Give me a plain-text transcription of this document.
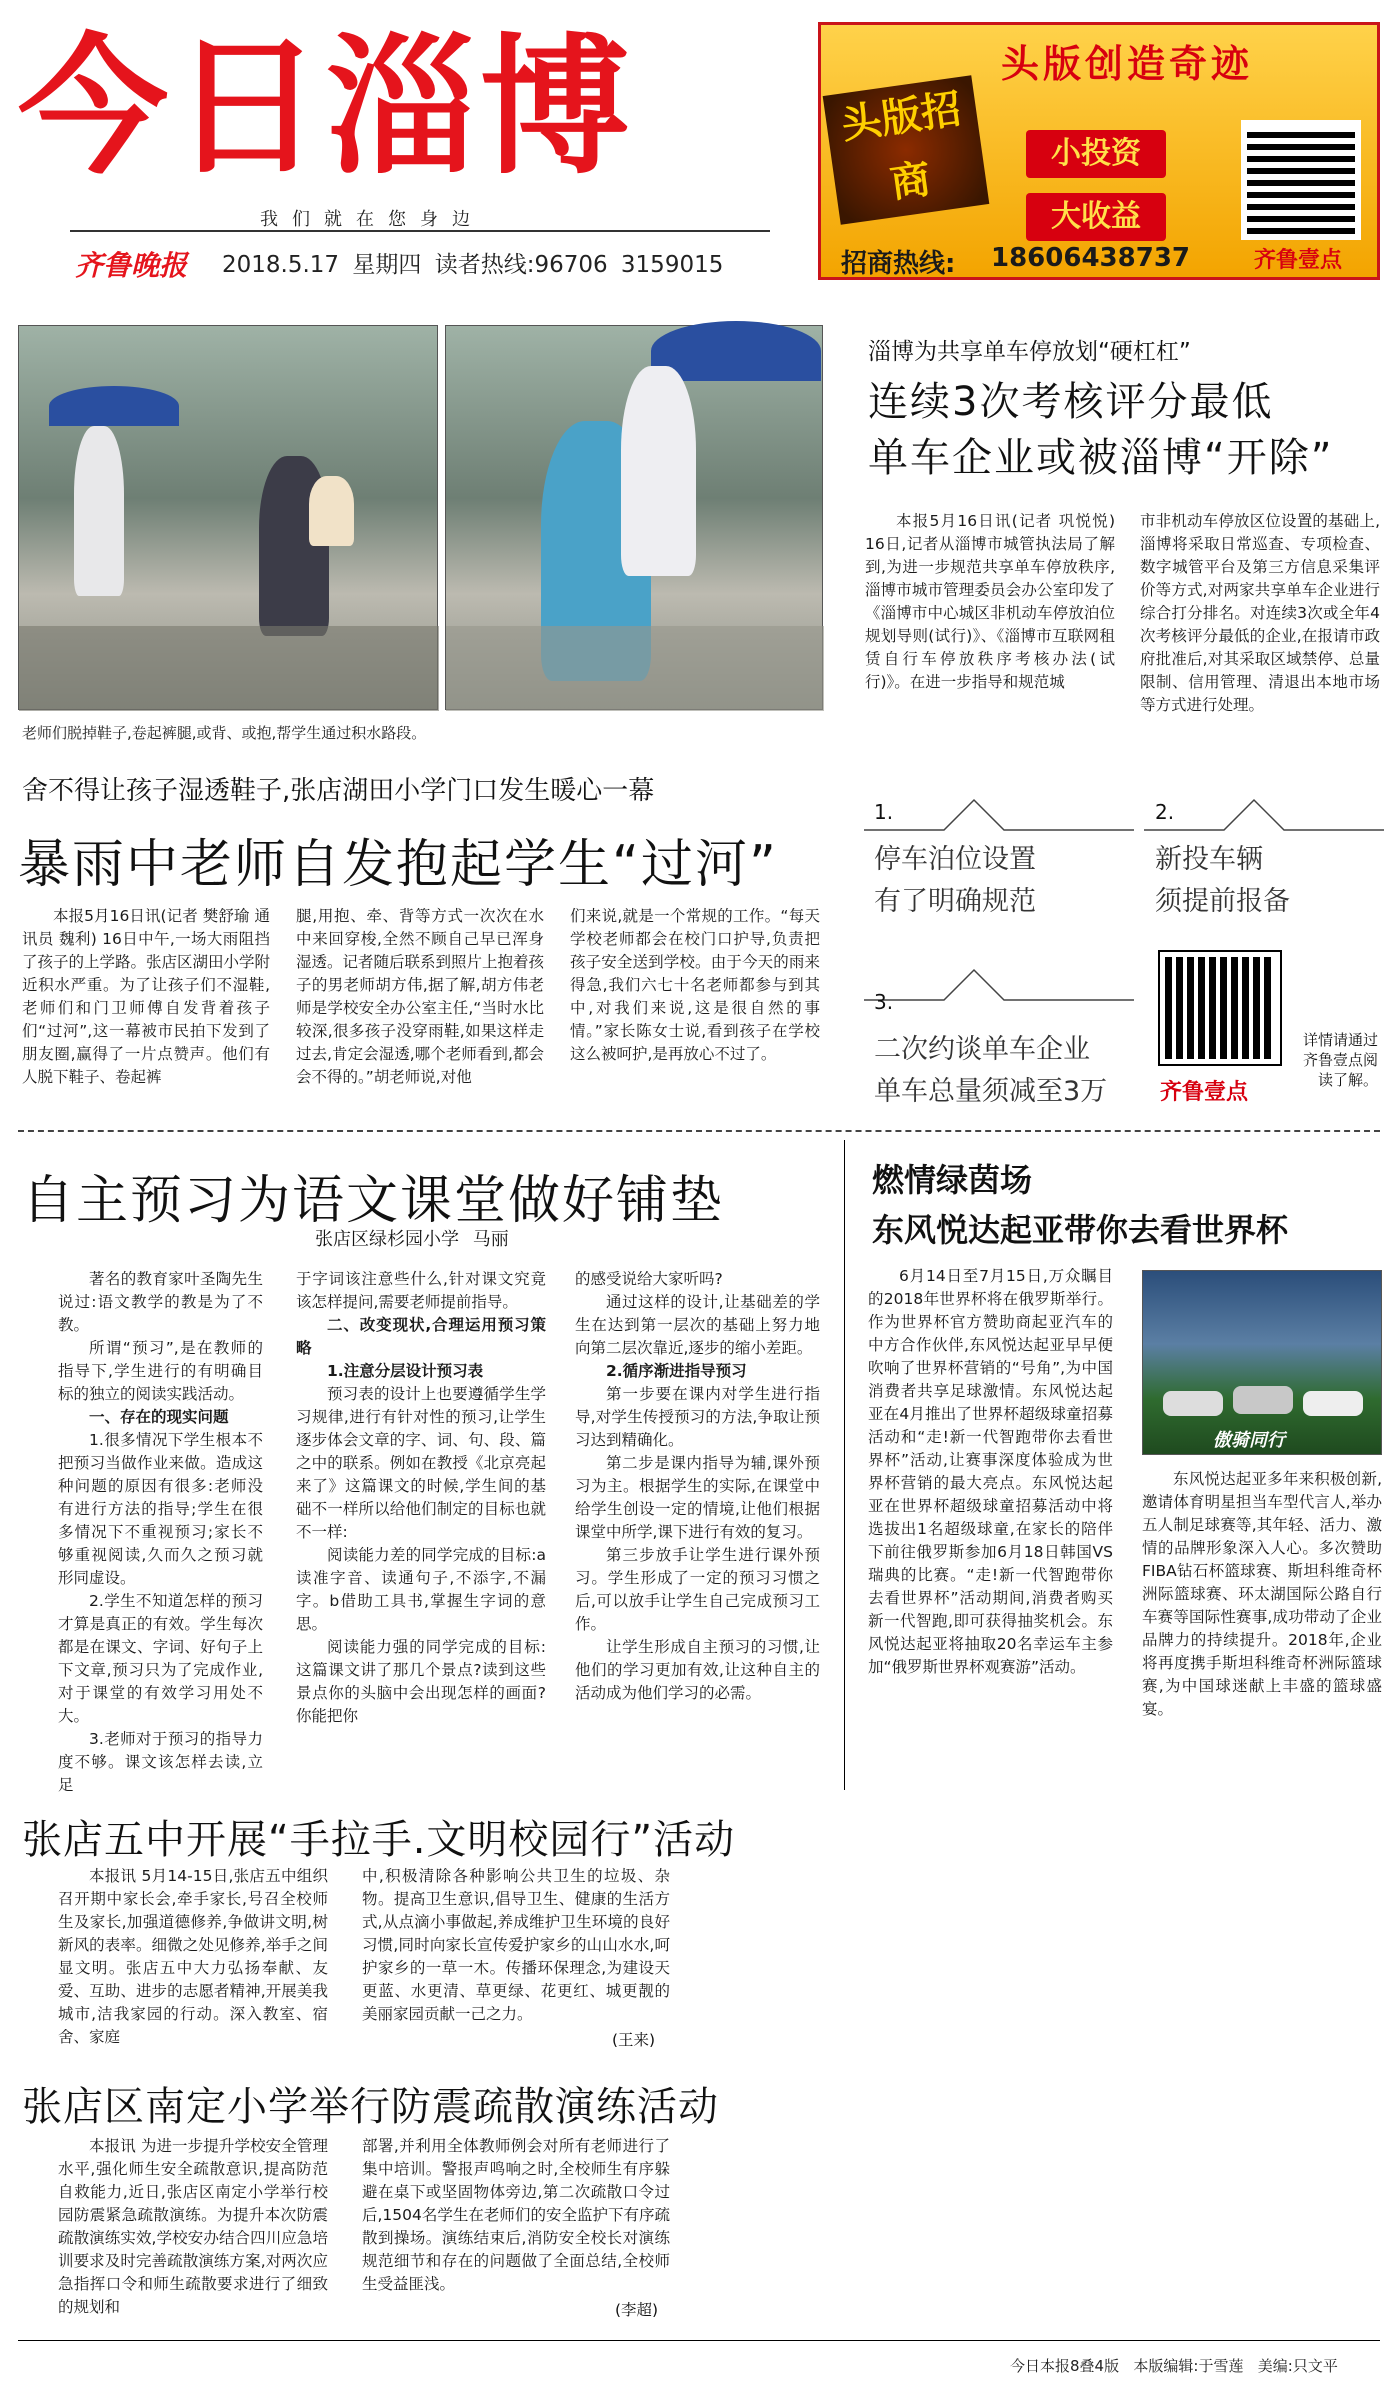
今日淄博
我们就在您身边
齐鲁晚报 2018.5.17 星期四 读者热线:96706 3159015
头版创造奇迹
头版招商
小投资
大收益
招商热线: 18606438737	齐鲁壹点
老师们脱掉鞋子,卷起裤腿,或背、或抱,帮学生通过积水路段。
淄博为共享单车停放划“硬杠杠”
连续3次考核评分最低
单车企业或被淄博“开除”

本报5月16日讯(记者 巩悦悦) 16日,记者从淄博市城管执法局了解到,为进一步规范共享单车停放秩序,淄博市城市管理委员会办公室印发了《淄博市中心城区非机动车停放泊位规划导则(试行)》、《淄博市互联网租赁自行车停放秩序考核办法(试行)》。在进一步指导和规范城

市非机动车停放区位设置的基础上,淄博将采取日常巡查、专项检查、数字城管平台及第三方信息采集评价等方式,对两家共享单车企业进行综合打分排名。对连续3次或全年4次考核评分最低的企业,在报请市政府批准后,对其采取区域禁停、总量限制、信用管理、清退出本地市场等方式进行处理。

1.
停车泊位设置
有了明确规范
2.
新投车辆
须提前报备
3.
二次约谈单车企业
单车总量须减至3万 齐鲁壹点
详情请通过齐鲁壹点阅读了解。
舍不得让孩子湿透鞋子,张店湖田小学门口发生暖心一幕
暴雨中老师自发抱起学生“过河”

本报5月16日讯(记者 樊舒瑜 通讯员 魏利) 16日中午,一场大雨阻挡了孩子的上学路。张店区湖田小学附近积水严重。为了让孩子们不湿鞋,老师们和门卫师傅自发背着孩子们“过河”,这一幕被市民拍下发到了朋友圈,赢得了一片点赞声。他们有人脱下鞋子、卷起裤

腿,用抱、牵、背等方式一次次在水中来回穿梭,全然不顾自己早已浑身湿透。记者随后联系到照片上抱着孩子的男老师胡方伟,据了解,胡方伟老师是学校安全办公室主任,“当时水比较深,很多孩子没穿雨鞋,如果这样走过去,肯定会湿透,哪个老师看到,都会会不得的。”胡老师说,对他

们来说,就是一个常规的工作。“每天学校老师都会在校门口护导,负责把孩子安全送到学校。由于今天的雨来得急,我们六七十名老师都参与到其中,对我们来说,这是很自然的事情。”家长陈女士说,看到孩子在学校这么被呵护,是再放心不过了。

自主预习为语文课堂做好铺垫
张店区绿杉园小学 马丽

著名的教育家叶圣陶先生说过:语文教学的教是为了不教。

所谓“预习”,是在教师的指导下,学生进行的有明确目标的独立的阅读实践活动。

一、存在的现实问题

1.很多情况下学生根本不把预习当做作业来做。造成这种问题的原因有很多:老师没有进行方法的指导;学生在很多情况下不重视预习;家长不够重视阅读,久而久之预习就形同虚设。

2.学生不知道怎样的预习才算是真正的有效。学生每次都是在课文、字词、好句子上下文章,预习只为了完成作业,对于课堂的有效学习用处不大。

3.老师对于预习的指导力度不够。课文该怎样去读,立足

于字词该注意些什么,针对课文究竟该怎样提问,需要老师提前指导。

二、改变现状,合理运用预习策略

1.注意分层设计预习表

预习表的设计上也要遵循学生学习规律,进行有针对性的预习,让学生逐步体会文章的字、词、句、段、篇之中的联系。例如在教授《北京亮起来了》这篇课文的时候,学生间的基础不一样所以给他们制定的目标也就不一样:

阅读能力差的同学完成的目标:a读准字音、读通句子,不添字,不漏字。b借助工具书,掌握生字词的意思。

阅读能力强的同学完成的目标:这篇课文讲了那几个景点?读到这些景点你的头脑中会出现怎样的画面?你能把你

的感受说给大家听吗?

通过这样的设计,让基础差的学生在达到第一层次的基础上努力地向第二层次靠近,逐步的缩小差距。

2.循序渐进指导预习

第一步要在课内对学生进行指导,对学生传授预习的方法,争取让预习达到精确化。

第二步是课内指导为辅,课外预习为主。根据学生的实际,在课堂中给学生创设一定的情境,让他们根据课堂中所学,课下进行有效的复习。

第三步放手让学生进行课外预习。学生形成了一定的预习习惯之后,可以放手让学生自己完成预习工作。

让学生形成自主预习的习惯,让他们的学习更加有效,让这种自主的活动成为他们学习的必需。

燃情绿茵场
东风悦达起亚带你去看世界杯

6月14日至7月15日,万众瞩目的2018年世界杯将在俄罗斯举行。作为世界杯官方赞助商起亚汽车的中方合作伙伴,东风悦达起亚早早便吹响了世界杯营销的“号角”,为中国消费者共享足球激情。东风悦达起亚在4月推出了世界杯超级球童招募活动和“走!新一代智跑带你去看世界杯”活动,让赛事深度体验成为世界杯营销的最大亮点。东风悦达起亚在世界杯超级球童招募活动中将选拔出1名超级球童,在家长的陪伴下前往俄罗斯参加6月18日韩国VS瑞典的比赛。“走!新一代智跑带你去看世界杯”活动期间,消费者购买新一代智跑,即可获得抽奖机会。东风悦达起亚将抽取20名幸运车主参加“俄罗斯世界杯观赛游”活动。

傲骑同行

东风悦达起亚多年来积极创新,邀请体育明星担当车型代言人,举办五人制足球赛等,其年轻、活力、激情的品牌形象深入人心。多次赞助FIBA钻石杯篮球赛、斯坦科维奇杯洲际篮球赛、环太湖国际公路自行车赛等国际性赛事,成功带动了企业品牌力的持续提升。2018年,企业将再度携手斯坦科维奇杯洲际篮球赛,为中国球迷献上丰盛的篮球盛宴。

张店五中开展“手拉手.文明校园行”活动

本报讯 5月14-15日,张店五中组织召开期中家长会,牵手家长,号召全校师生及家长,加强道德修养,争做讲文明,树新风的表率。细微之处见修养,举手之间显文明。张店五中大力弘扬奉献、友爱、互助、进步的志愿者精神,开展美我城市,洁我家园的行动。深入教室、宿舍、家庭

中,积极清除各种影响公共卫生的垃圾、杂物。提高卫生意识,倡导卫生、健康的生活方式,从点滴小事做起,养成维护卫生环境的良好习惯,同时向家长宣传爱护家乡的山山水水,呵护家乡的一草一木。传播环保理念,为建设天更蓝、水更清、草更绿、花更红、城更靓的美丽家园贡献一己之力。

(王来)
张店区南定小学举行防震疏散演练活动

本报讯 为进一步提升学校安全管理水平,强化师生安全疏散意识,提高防范自救能力,近日,张店区南定小学举行校园防震紧急疏散演练。为提升本次防震疏散演练实效,学校安办结合四川应急培训要求及时完善疏散演练方案,对两次应急指挥口令和师生疏散要求进行了细致的规划和

部署,并利用全体教师例会对所有老师进行了集中培训。警报声鸣响之时,全校师生有序躲避在桌下或坚固物体旁边,第二次疏散口令过后,1504名学生在老师们的安全监护下有序疏散到操场。演练结束后,消防安全校长对演练规范细节和存在的问题做了全面总结,全校师生受益匪浅。

(李超)
今日本报8叠4版 本版编辑:于雪莲 美编:只文平
